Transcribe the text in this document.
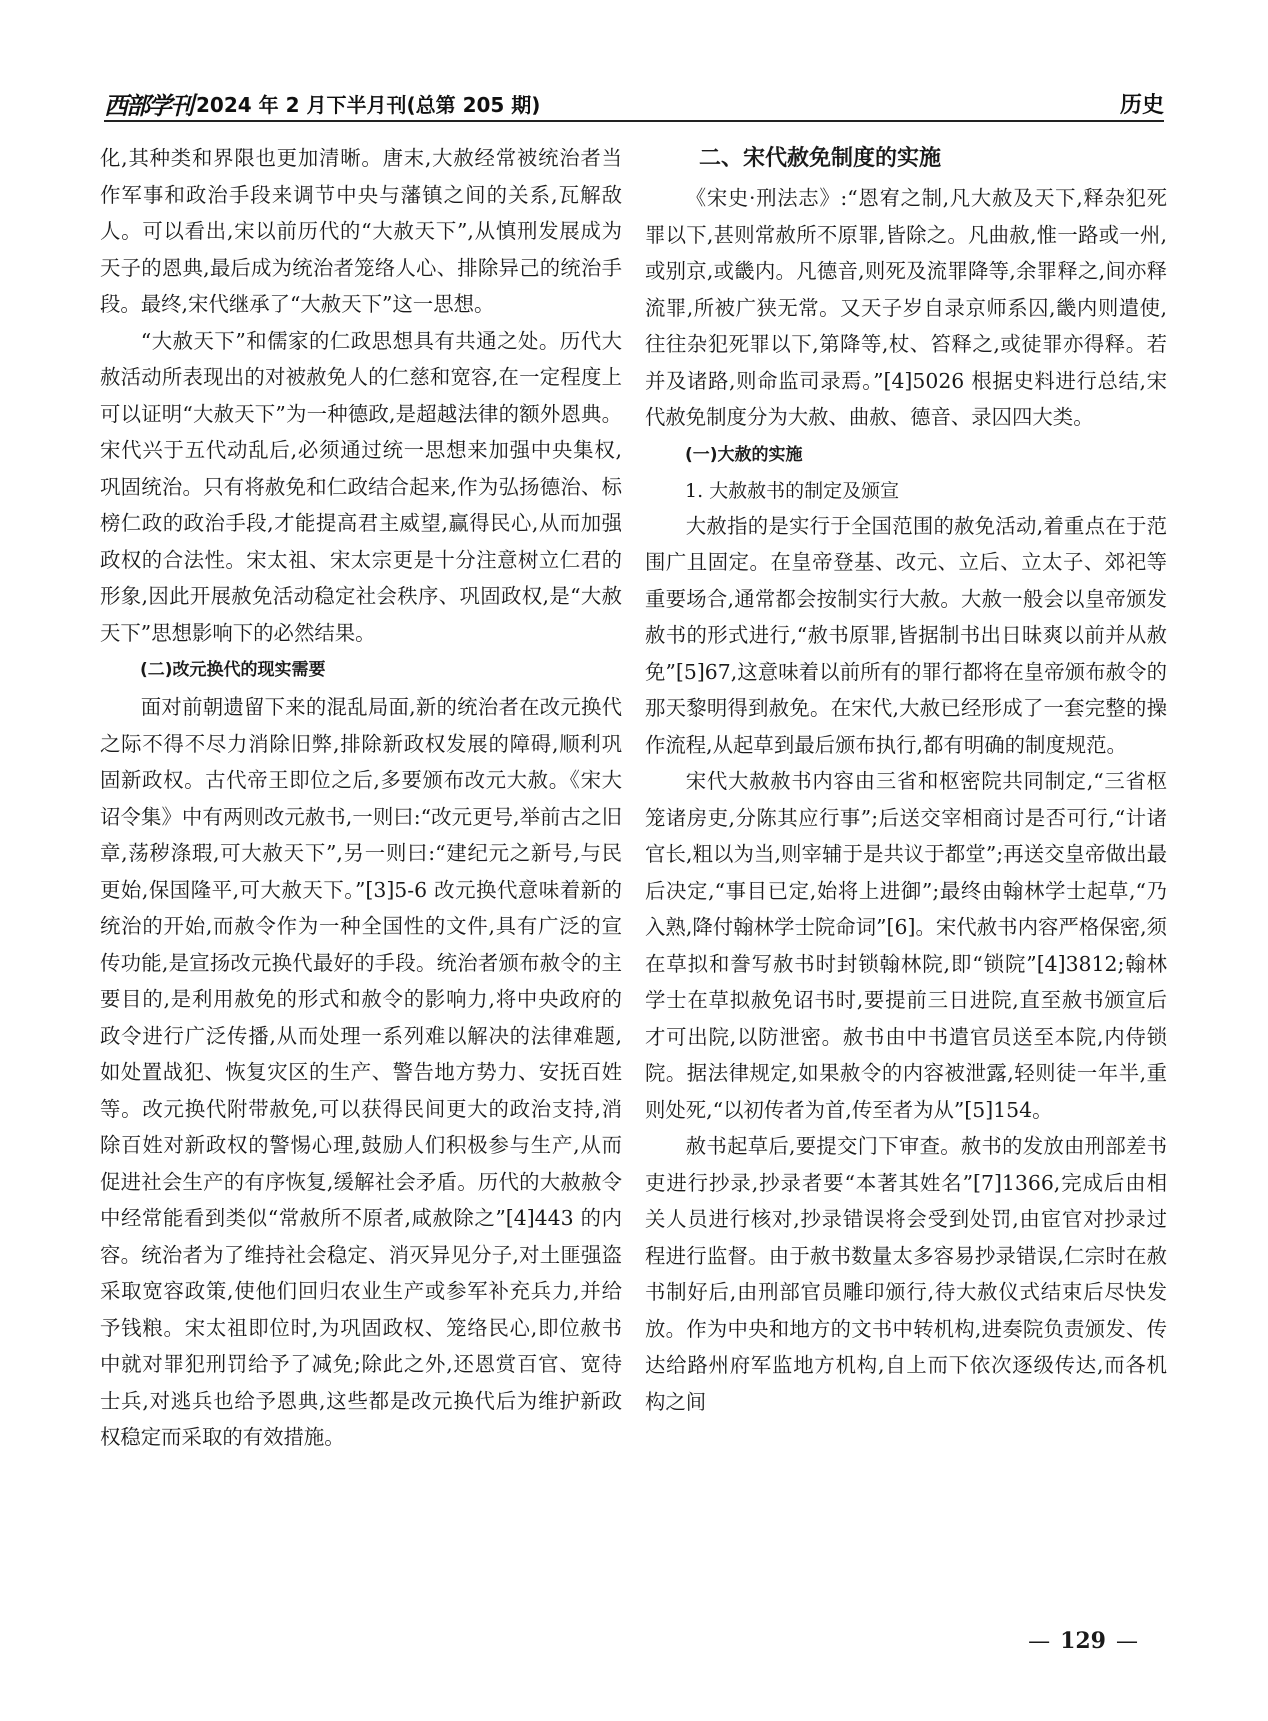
西部学刊 2024 年 2 月下半月刊(总第 205 期)	历史

化,其种类和界限也更加清晰。唐末,大赦经常被统治者当作军事和政治手段来调节中央与藩镇之间的关系,瓦解敌人。可以看出,宋以前历代的“大赦天下”,从慎刑发展成为天子的恩典,最后成为统治者笼络人心、排除异己的统治手段。最终,宋代继承了“大赦天下”这一思想。

“大赦天下”和儒家的仁政思想具有共通之处。历代大赦活动所表现出的对被赦免人的仁慈和宽容,在一定程度上可以证明“大赦天下”为一种德政,是超越法律的额外恩典。宋代兴于五代动乱后,必须通过统一思想来加强中央集权,巩固统治。只有将赦免和仁政结合起来,作为弘扬德治、标榜仁政的政治手段,才能提高君主威望,赢得民心,从而加强政权的合法性。宋太祖、宋太宗更是十分注意树立仁君的形象,因此开展赦免活动稳定社会秩序、巩固政权,是“大赦天下”思想影响下的必然结果。

(二)改元换代的现实需要

面对前朝遗留下来的混乱局面,新的统治者在改元换代之际不得不尽力消除旧弊,排除新政权发展的障碍,顺利巩固新政权。古代帝王即位之后,多要颁布改元大赦。《宋大诏令集》中有两则改元赦书,一则曰:“改元更号,举前古之旧章,荡秽涤瑕,可大赦天下”,另一则曰:“建纪元之新号,与民更始,保国隆平,可大赦天下。”[3]5-6 改元换代意味着新的统治的开始,而赦令作为一种全国性的文件,具有广泛的宣传功能,是宣扬改元换代最好的手段。统治者颁布赦令的主要目的,是利用赦免的形式和赦令的影响力,将中央政府的政令进行广泛传播,从而处理一系列难以解决的法律难题,如处置战犯、恢复灾区的生产、警告地方势力、安抚百姓等。改元换代附带赦免,可以获得民间更大的政治支持,消除百姓对新政权的警惕心理,鼓励人们积极参与生产,从而促进社会生产的有序恢复,缓解社会矛盾。历代的大赦赦令中经常能看到类似“常赦所不原者,咸赦除之”[4]443 的内容。统治者为了维持社会稳定、消灭异见分子,对土匪强盗采取宽容政策,使他们回归农业生产或参军补充兵力,并给予钱粮。宋太祖即位时,为巩固政权、笼络民心,即位赦书中就对罪犯刑罚给予了减免;除此之外,还恩赏百官、宽待士兵,对逃兵也给予恩典,这些都是改元换代后为维护新政权稳定而采取的有效措施。

二、宋代赦免制度的实施

《宋史·刑法志》:“恩宥之制,凡大赦及天下,释杂犯死罪以下,甚则常赦所不原罪,皆除之。凡曲赦,惟一路或一州,或别京,或畿内。凡德音,则死及流罪降等,余罪释之,间亦释流罪,所被广狭无常。又天子岁自录京师系囚,畿内则遣使,往往杂犯死罪以下,第降等,杖、笞释之,或徒罪亦得释。若并及诸路,则命监司录焉。”[4]5026 根据史料进行总结,宋代赦免制度分为大赦、曲赦、德音、录囚四大类。

(一)大赦的实施
1. 大赦赦书的制定及颁宣

大赦指的是实行于全国范围的赦免活动,着重点在于范围广且固定。在皇帝登基、改元、立后、立太子、郊祀等重要场合,通常都会按制实行大赦。大赦一般会以皇帝颁发赦书的形式进行,“赦书原罪,皆据制书出日昧爽以前并从赦免”[5]67,这意味着以前所有的罪行都将在皇帝颁布赦令的那天黎明得到赦免。在宋代,大赦已经形成了一套完整的操作流程,从起草到最后颁布执行,都有明确的制度规范。

宋代大赦赦书内容由三省和枢密院共同制定,“三省枢笼诸房吏,分陈其应行事”;后送交宰相商讨是否可行,“计诸官长,粗以为当,则宰辅于是共议于都堂”;再送交皇帝做出最后决定,“事目已定,始将上进御”;最终由翰林学士起草,“乃入熟,降付翰林学士院命词”[6]。宋代赦书内容严格保密,须在草拟和誊写赦书时封锁翰林院,即“锁院”[4]3812;翰林学士在草拟赦免诏书时,要提前三日进院,直至赦书颁宣后才可出院,以防泄密。赦书由中书遣官员送至本院,内侍锁院。据法律规定,如果赦令的内容被泄露,轻则徒一年半,重则处死,“以初传者为首,传至者为从”[5]154。

赦书起草后,要提交门下审查。赦书的发放由刑部差书吏进行抄录,抄录者要“本著其姓名”[7]1366,完成后由相关人员进行核对,抄录错误将会受到处罚,由宦官对抄录过程进行监督。由于赦书数量太多容易抄录错误,仁宗时在赦书制好后,由刑部官员雕印颁行,待大赦仪式结束后尽快发放。作为中央和地方的文书中转机构,进奏院负责颁发、传达给路州府军监地方机构,自上而下依次逐级传达,而各机构之间

— 129 —
